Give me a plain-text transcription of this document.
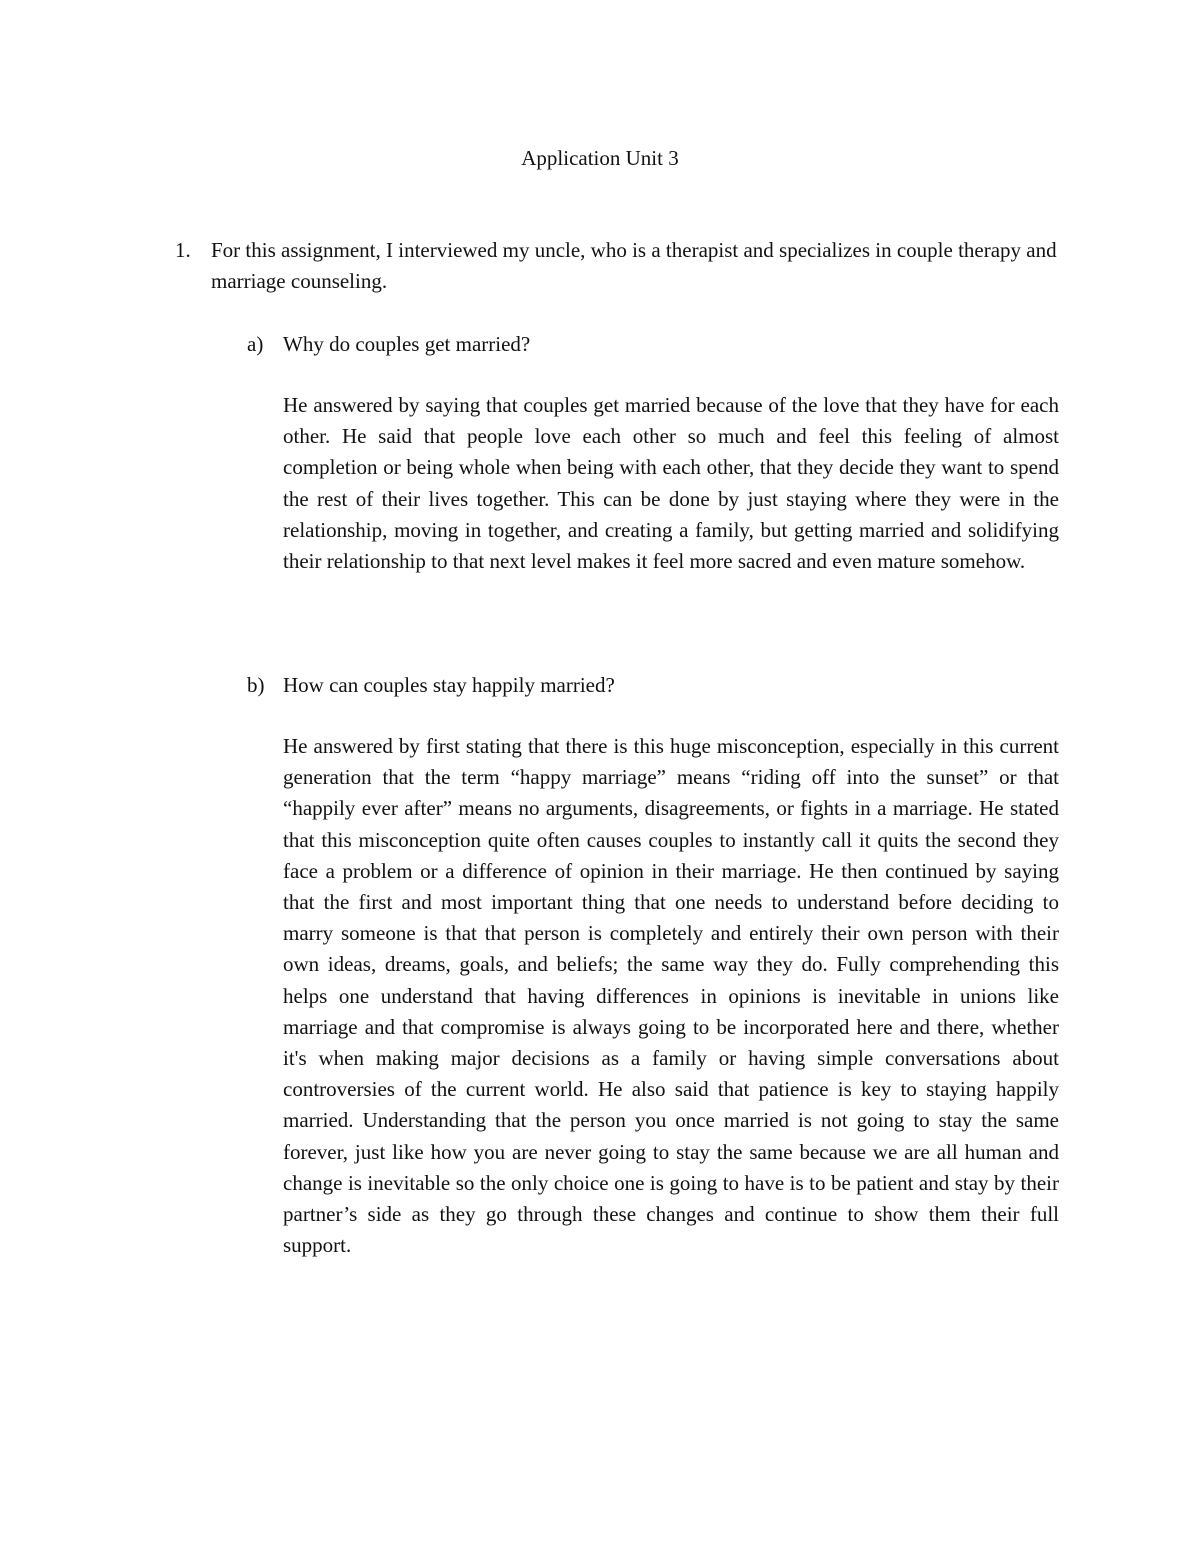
Application Unit 3
1. For this assignment, I interviewed my uncle, who is a therapist and specializes in couple therapy and marriage counseling.
a) Why do couples get married?

He answered by saying that couples get married because of the love that they have for each other. He said that people love each other so much and feel this feeling of almost completion or being whole when being with each other, that they decide they want to spend the rest of their lives together. This can be done by just staying where they were in the relationship, moving in together, and creating a family, but getting married and solidifying their relationship to that next level makes it feel more sacred and even mature somehow.

b) How can couples stay happily married?

He answered by first stating that there is this huge misconception, especially in this current generation that the term “happy marriage” means “riding off into the sunset” or that “happily ever after” means no arguments, disagreements, or fights in a marriage. He stated that this misconception quite often causes couples to instantly call it quits the second they face a problem or a difference of opinion in their marriage. He then continued by saying that the first and most important thing that one needs to understand before deciding to marry someone is that that person is completely and entirely their own person with their own ideas, dreams, goals, and beliefs; the same way they do. Fully comprehending this helps one understand that having differences in opinions is inevitable in unions like marriage and that compromise is always going to be incorporated here and there, whether it's when making major decisions as a family or having simple conversations about controversies of the current world. He also said that patience is key to staying happily married. Understanding that the person you once married is not going to stay the same forever, just like how you are never going to stay the same because we are all human and change is inevitable so the only choice one is going to have is to be patient and stay by their partner’s side as they go through these changes and continue to show them their full support.
